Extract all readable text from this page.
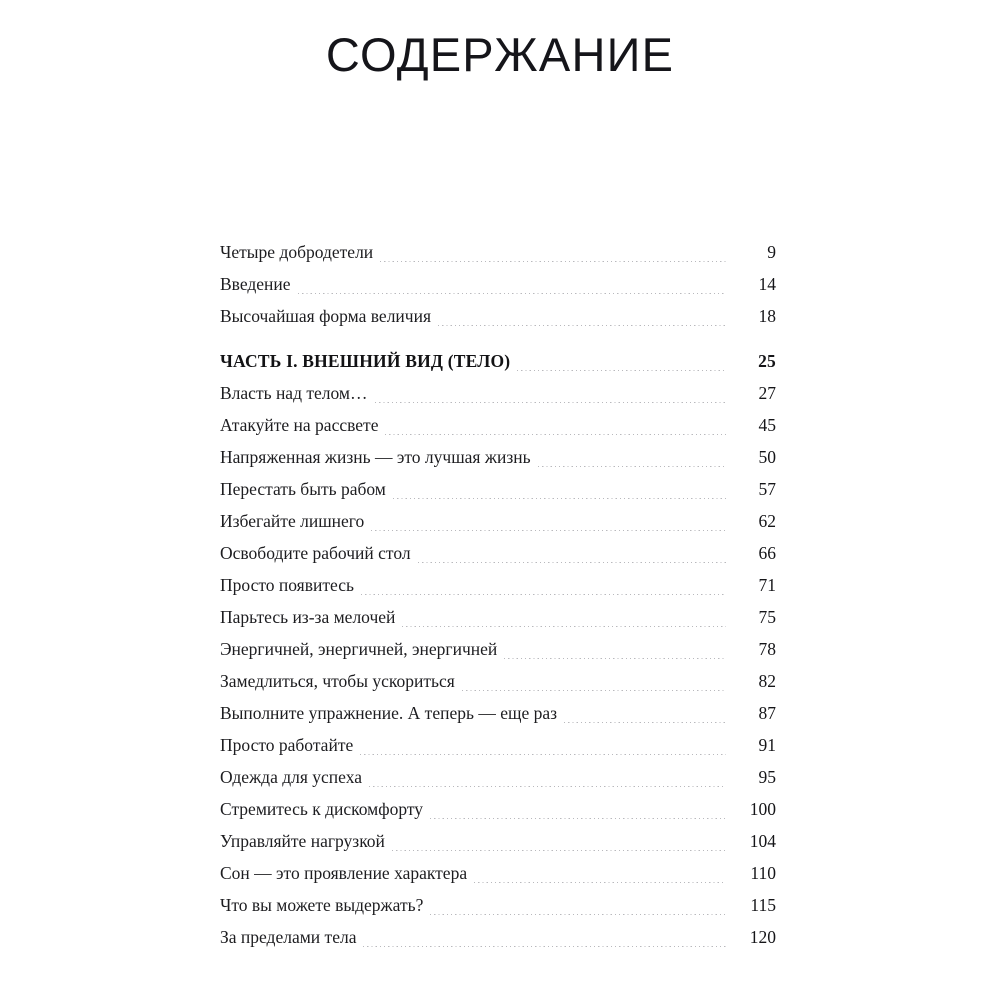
СОДЕРЖАНИЕ
Четыре добродетели	9
Введение	14
Высочайшая форма величия	18
ЧАСТЬ I. ВНЕШНИЙ ВИД (ТЕЛО)	25
Власть над телом…	27
Атакуйте на рассвете	45
Напряженная жизнь — это лучшая жизнь	50
Перестать быть рабом	57
Избегайте лишнего	62
Освободите рабочий стол	66
Просто появитесь	71
Парьтесь из-за мелочей	75
Энергичней, энергичней, энергичней	78
Замедлиться, чтобы ускориться	82
Выполните упражнение. А теперь — еще раз	87
Просто работайте	91
Одежда для успеха	95
Стремитесь к дискомфорту	100
Управляйте нагрузкой	104
Сон — это проявление характера	110
Что вы можете выдержать?	115
За пределами тела	120
